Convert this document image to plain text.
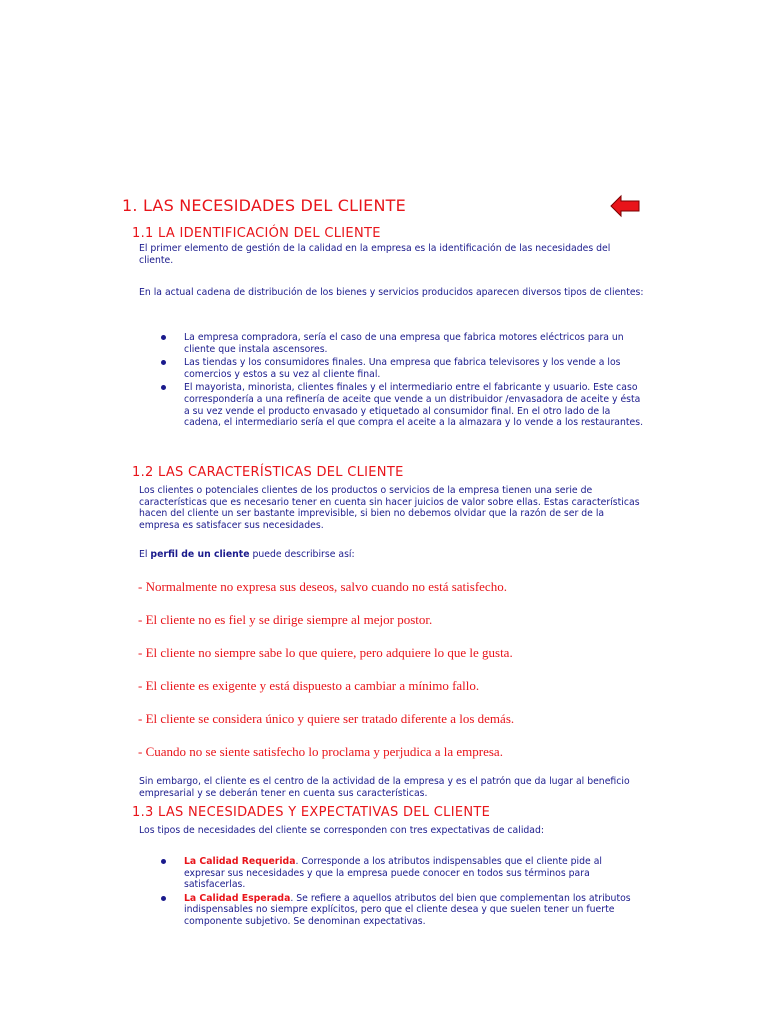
1. LAS NECESIDADES DEL CLIENTE
1.1 LA IDENTIFICACIÓN DEL CLIENTE

El primer elemento de gestión de la calidad en la empresa es la identificación de las necesidades del cliente.

En la actual cadena de distribución de los bienes y servicios producidos aparecen diversos tipos de clientes:

La empresa compradora, sería el caso de una empresa que fabrica motores eléctricos para un cliente que instala ascensores.
Las tiendas y los consumidores finales. Una empresa que fabrica televisores y los vende a los comercios y estos a su vez al cliente final.
El mayorista, minorista, clientes finales y el intermediario entre el fabricante y usuario. Este caso correspondería a una refinería de aceite que vende a un distribuidor /envasadora de aceite y ésta a su vez vende el producto envasado y etiquetado al consumidor final. En el otro lado de la cadena, el intermediario sería el que compra el aceite a la almazara y lo vende a los restaurantes.
1.2 LAS CARACTERÍSTICAS DEL CLIENTE

Los clientes o potenciales clientes de los productos o servicios de la empresa tienen una serie de características que es necesario tener en cuenta sin hacer juicios de valor sobre ellas. Estas características hacen del cliente un ser bastante imprevisible, si bien no debemos olvidar que la razón de ser de la empresa es satisfacer sus necesidades.

El perfil de un cliente puede describirse así:

- Normalmente no expresa sus deseos, salvo cuando no está satisfecho.

- El cliente no es fiel y se dirige siempre al mejor postor.

- El cliente no siempre sabe lo que quiere, pero adquiere lo que le gusta.

- El cliente es exigente y está dispuesto a cambiar a mínimo fallo.

- El cliente se considera único y quiere ser tratado diferente a los demás.

- Cuando no se siente satisfecho lo proclama y perjudica a la empresa.

Sin embargo, el cliente es el centro de la actividad de la empresa y es el patrón que da lugar al beneficio empresarial y se deberán tener en cuenta sus características.

1.3 LAS NECESIDADES Y EXPECTATIVAS DEL CLIENTE

Los tipos de necesidades del cliente se corresponden con tres expectativas de calidad:

La Calidad Requerida. Corresponde a los atributos indispensables que el cliente pide al expresar sus necesidades y que la empresa puede conocer en todos sus términos para satisfacerlas.
La Calidad Esperada. Se refiere a aquellos atributos del bien que complementan los atributos indispensables no siempre explícitos, pero que el cliente desea y que suelen tener un fuerte componente subjetivo. Se denominan expectativas.
